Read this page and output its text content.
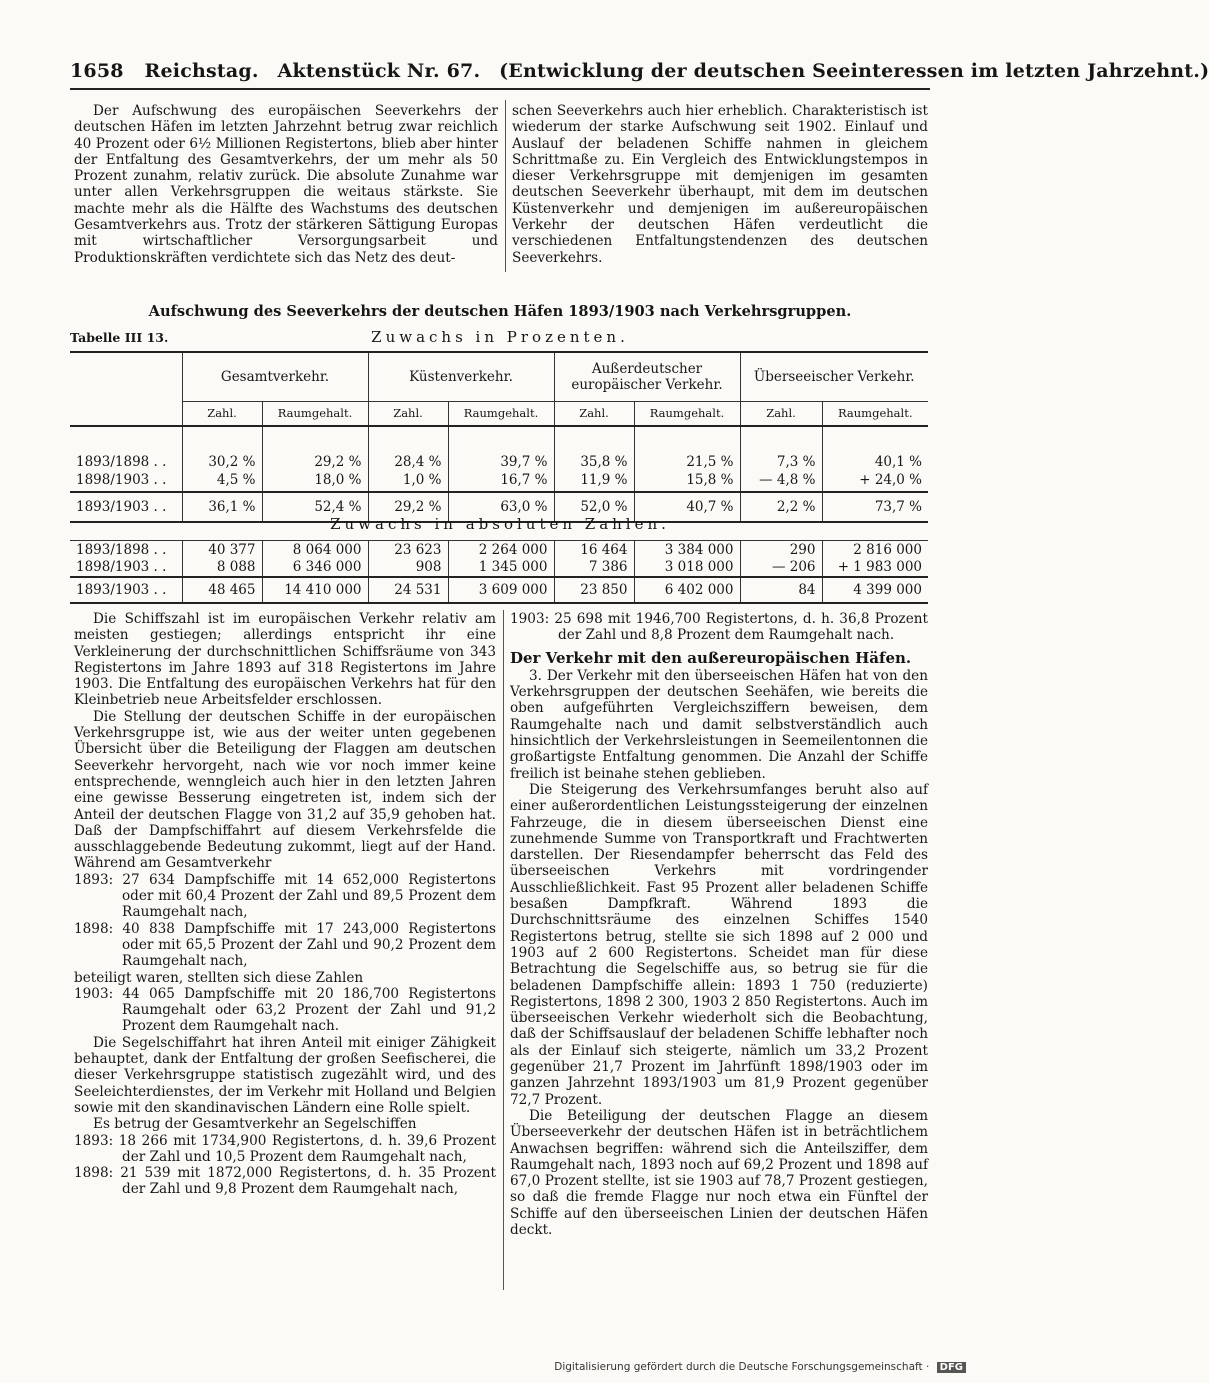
1658 Reichstag. Aktenstück Nr. 67. (Entwicklung der deutschen Seeinteressen im letzten Jahrzehnt.)

Der Aufschwung des europäischen Seeverkehrs der deutschen Häfen im letzten Jahrzehnt betrug zwar reichlich 40 Prozent oder 6½ Millionen Registertons, blieb aber hinter der Entfaltung des Gesamtverkehrs, der um mehr als 50 Prozent zunahm, relativ zurück. Die absolute Zunahme war unter allen Verkehrsgruppen die weitaus stärkste. Sie machte mehr als die Hälfte des Wachstums des deutschen Gesamtverkehrs aus. Trotz der stärkeren Sättigung Europas mit wirtschaftlicher Versorgungsarbeit und Produktionskräften verdichtete sich das Netz des deut-

schen Seeverkehrs auch hier erheblich. Charakteristisch ist wiederum der starke Aufschwung seit 1902. Einlauf und Auslauf der beladenen Schiffe nahmen in gleichem Schrittmaße zu. Ein Vergleich des Entwicklungstempos in dieser Verkehrsgruppe mit demjenigen im gesamten deutschen Seeverkehr überhaupt, mit dem im deutschen Küstenverkehr und demjenigen im außereuropäischen Verkehr der deutschen Häfen verdeutlicht die verschiedenen Entfaltungstendenzen des deutschen Seeverkehrs.

Aufschwung des Seeverkehrs der deutschen Häfen 1893/1903 nach Verkehrsgruppen.
Tabelle III 13.	Zuwachs in Prozenten.
	Gesamtverkehr.		Küstenverkehr.		Außerdeutscher europäischer Verkehr.		Überseeischer Verkehr.	
	Zahl.	Raumgehalt.	Zahl.	Raumgehalt.	Zahl.	Raumgehalt.	Zahl.	Raumgehalt.

1893/1898 . .	30,2 %	29,2 %	28,4 %	39,7 %	35,8 %	21,5 %	7,3 %	40,1 %
1898/1903 . .	4,5 %	18,0 %	1,0 %	16,7 %	11,9 %	15,8 %	— 4,8 %	+ 24,0 %
1893/1903 . .	36,1 %	52,4 %	29,2 %	63,0 %	52,0 %	40,7 %	2,2 %	73,7 %
Zuwachs in absoluten Zahlen.
1893/1898 . .	40 377	8 064 000	23 623	2 264 000	16 464	3 384 000	290	2 816 000
1898/1903 . .	8 088	6 346 000	908	1 345 000	7 386	3 018 000	— 206	+ 1 983 000
1893/1903 . .	48 465	14 410 000	24 531	3 609 000	23 850	6 402 000	84	4 399 000

Die Schiffszahl ist im europäischen Verkehr relativ am meisten gestiegen; allerdings entspricht ihr eine Verkleinerung der durchschnittlichen Schiffsräume von 343 Registertons im Jahre 1893 auf 318 Registertons im Jahre 1903. Die Entfaltung des europäischen Verkehrs hat für den Kleinbetrieb neue Arbeitsfelder erschlossen.

Die Stellung der deutschen Schiffe in der europäischen Verkehrsgruppe ist, wie aus der weiter unten gegebenen Übersicht über die Beteiligung der Flaggen am deutschen Seeverkehr hervorgeht, nach wie vor noch immer keine entsprechende, wenngleich auch hier in den letzten Jahren eine gewisse Besserung eingetreten ist, indem sich der Anteil der deutschen Flagge von 31,2 auf 35,9 gehoben hat. Daß der Dampfschiffahrt auf diesem Verkehrsfelde die ausschlaggebende Bedeutung zukommt, liegt auf der Hand. Während am Gesamtverkehr

1893: 27 634 Dampfschiffe mit 14 652,000 Registertons oder mit 60,4 Prozent der Zahl und 89,5 Prozent dem Raumgehalt nach,

1898: 40 838 Dampfschiffe mit 17 243,000 Registertons oder mit 65,5 Prozent der Zahl und 90,2 Prozent dem Raumgehalt nach,

beteiligt waren, stellten sich diese Zahlen

1903: 44 065 Dampfschiffe mit 20 186,700 Registertons Raumgehalt oder 63,2 Prozent der Zahl und 91,2 Prozent dem Raumgehalt nach.

Die Segelschiffahrt hat ihren Anteil mit einiger Zähigkeit behauptet, dank der Entfaltung der großen Seefischerei, die dieser Verkehrsgruppe statistisch zugezählt wird, und des Seeleichterdienstes, der im Verkehr mit Holland und Belgien sowie mit den skandinavischen Ländern eine Rolle spielt.

Es betrug der Gesamtverkehr an Segelschiffen

1893: 18 266 mit 1734,900 Registertons, d. h. 39,6 Prozent der Zahl und 10,5 Prozent dem Raumgehalt nach,

1898: 21 539 mit 1872,000 Registertons, d. h. 35 Prozent der Zahl und 9,8 Prozent dem Raumgehalt nach,

1903: 25 698 mit 1946,700 Registertons, d. h. 36,8 Prozent der Zahl und 8,8 Prozent dem Raumgehalt nach.

Der Verkehr mit den außereuropäischen Häfen.

3. Der Verkehr mit den überseeischen Häfen hat von den Verkehrsgruppen der deutschen Seehäfen, wie bereits die oben aufgeführten Vergleichsziffern beweisen, dem Raumgehalte nach und damit selbstverständlich auch hinsichtlich der Verkehrsleistungen in Seemeilentonnen die großartigste Entfaltung genommen. Die Anzahl der Schiffe freilich ist beinahe stehen geblieben.

Die Steigerung des Verkehrsumfanges beruht also auf einer außerordentlichen Leistungssteigerung der einzelnen Fahrzeuge, die in diesem überseeischen Dienst eine zunehmende Summe von Transportkraft und Frachtwerten darstellen. Der Riesendampfer beherrscht das Feld des überseeischen Verkehrs mit vordringender Ausschließlichkeit. Fast 95 Prozent aller beladenen Schiffe besaßen Dampfkraft. Während 1893 die Durchschnittsräume des einzelnen Schiffes 1540 Registertons betrug, stellte sie sich 1898 auf 2 000 und 1903 auf 2 600 Registertons. Scheidet man für diese Betrachtung die Segelschiffe aus, so betrug sie für die beladenen Dampfschiffe allein: 1893 1 750 (reduzierte) Registertons, 1898 2 300, 1903 2 850 Registertons. Auch im überseeischen Verkehr wiederholt sich die Beobachtung, daß der Schiffsauslauf der beladenen Schiffe lebhafter noch als der Einlauf sich steigerte, nämlich um 33,2 Prozent gegenüber 21,7 Prozent im Jahrfünft 1898/1903 oder im ganzen Jahrzehnt 1893/1903 um 81,9 Prozent gegenüber 72,7 Prozent.

Die Beteiligung der deutschen Flagge an diesem Überseeverkehr der deutschen Häfen ist in beträchtlichem Anwachsen begriffen: während sich die Anteilsziffer, dem Raumgehalt nach, 1893 noch auf 69,2 Prozent und 1898 auf 67,0 Prozent stellte, ist sie 1903 auf 78,7 Prozent gestiegen, so daß die fremde Flagge nur noch etwa ein Fünftel der Schiffe auf den überseeischen Linien der deutschen Häfen deckt.

Digitalisierung gefördert durch die Deutsche Forschungsgemeinschaft · DFG
